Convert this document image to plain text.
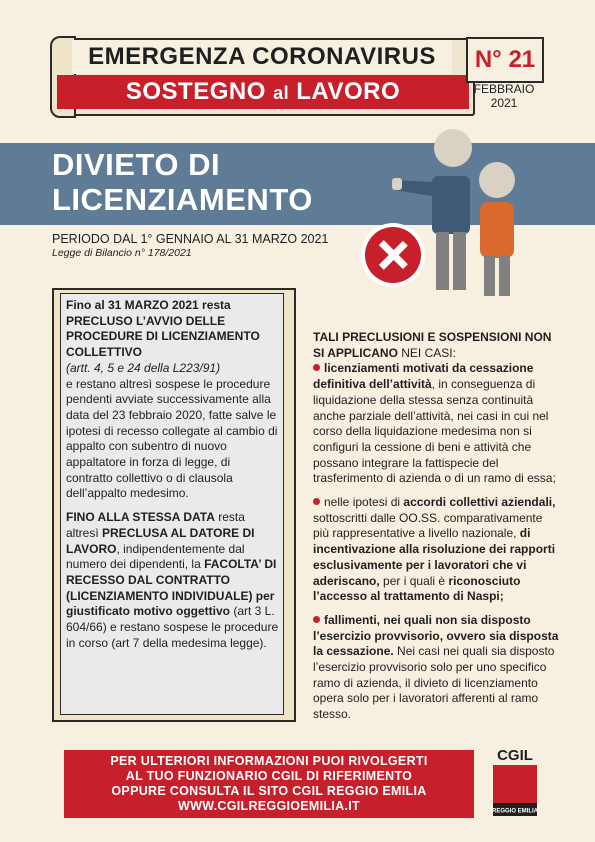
EMERGENZA CORONAVIRUS
SOSTEGNO al LAVORO
N° 21
FEBBRAIO
2021
DIVIETO DI
LICENZIAMENTO
PERIODO DAL 1° GENNAIO AL 31 MARZO 2021
Legge di Bilancio n° 178/2021

Fino al 31 MARZO 2021 resta PRECLUSO L’AVVIO DELLE PROCEDURE DI LICENZIAMENTO COLLETTIVO
(artt. 4, 5 e 24 della L223/91)
e restano altresì sospese le procedure pendenti avviate successivamente alla data del 23 febbraio 2020, fatte salve le ipotesi di recesso collegate al cambio di appalto con subentro di nuovo appaltatore in forza di legge, di contratto collettivo o di clausola dell’appalto medesimo.

FINO ALLA STESSA DATA resta altresì PRECLUSA AL DATORE DI LAVORO, indipendentemente dal numero dei dipendenti, la FACOLTA’ DI RECESSO DAL CONTRATTO (LICENZIAMENTO INDIVIDUALE) per giustificato motivo oggettivo (art 3 L. 604/66) e restano sospese le procedure in corso (art 7 della medesima legge).

TALI PRECLUSIONI E SOSPENSIONI NON SI APPLICANO NEI CASI:

licenziamenti motivati da cessazione definitiva dell’attività, in conseguenza di liquidazione della stessa senza continuità anche parziale dell’attività, nei casi in cui nel corso della liquidazione medesima non si configuri la cessione di beni e attività che possano integrare la fattispecie del trasferimento di azienda o di un ramo di essa;

nelle ipotesi di accordi collettivi aziendali, sottoscritti dalle OO.SS. comparativamente più rappresentative a livello nazionale, di incentivazione alla risoluzione dei rapporti esclusivamente per i lavoratori che vi aderiscano, per i quali è riconosciuto l’accesso al trattamento di Naspi;

fallimenti, nei quali non sia disposto l’esercizio provvisorio, ovvero sia disposta la cessazione. Nei casi nei quali sia disposto l’esercizio provvisorio solo per uno specifico ramo di azienda, il divieto di licenziamento opera solo per i lavoratori afferenti al ramo stesso.

PER ULTERIORI INFORMAZIONI PUOI RIVOLGERTI
AL TUO FUNZIONARIO CGIL DI RIFERIMENTO
OPPURE CONSULTA IL SITO CGIL REGGIO EMILIA
WWW.CGILREGGIOEMILIA.IT
CGIL
REGGIO EMILIA
